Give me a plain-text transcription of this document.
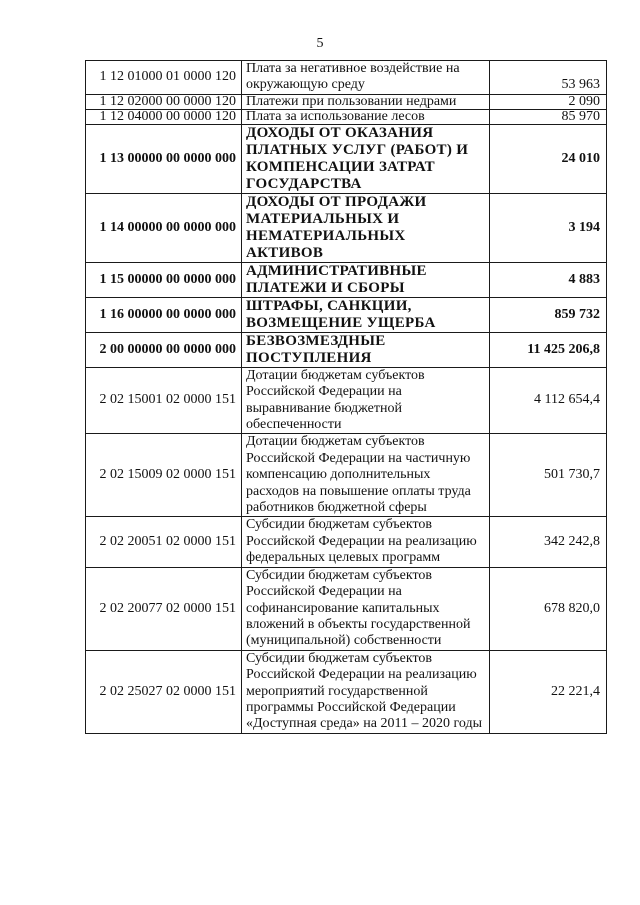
5
1 12 01000 01 0000 120	Плата за негативное воздействие на окружающую среду	53 963
1 12 02000 00 0000 120	Платежи при пользовании недрами	2 090
1 12 04000 00 0000 120	Плата за использование лесов	85 970
1 13 00000 00 0000 000	ДОХОДЫ ОТ ОКАЗАНИЯ ПЛАТНЫХ УСЛУГ (РАБОТ) И КОМПЕНСАЦИИ ЗАТРАТ ГОСУДАРСТВА	24 010
1 14 00000 00 0000 000	ДОХОДЫ ОТ ПРОДАЖИ МАТЕРИАЛЬНЫХ И НЕМАТЕРИАЛЬНЫХ АКТИВОВ	3 194
1 15 00000 00 0000 000	АДМИНИСТРАТИВНЫЕ ПЛАТЕЖИ И СБОРЫ	4 883
1 16 00000 00 0000 000	ШТРАФЫ, САНКЦИИ, ВОЗМЕЩЕНИЕ УЩЕРБА	859 732
2 00 00000 00 0000 000	БЕЗВОЗМЕЗДНЫЕ ПОСТУПЛЕНИЯ	11 425 206,8
2 02 15001 02 0000 151	Дотации бюджетам субъектов Российской Федерации на выравнивание бюджетной обеспеченности	4 112 654,4
2 02 15009 02 0000 151	Дотации бюджетам субъектов Российской Федерации на частичную компенсацию дополнительных расходов на повышение оплаты труда работников бюджетной сферы	501 730,7
2 02 20051 02 0000 151	Субсидии бюджетам субъектов Российской Федерации на реализацию федеральных целевых программ	342 242,8
2 02 20077 02 0000 151	Субсидии бюджетам субъектов Российской Федерации на софинансирование капитальных вложений в объекты государственной (муниципальной) собственности	678 820,0
2 02 25027 02 0000 151	Субсидии бюджетам субъектов Российской Федерации на реализацию мероприятий государственной программы Российской Федерации «Доступная среда» на 2011 – 2020 годы	22 221,4
